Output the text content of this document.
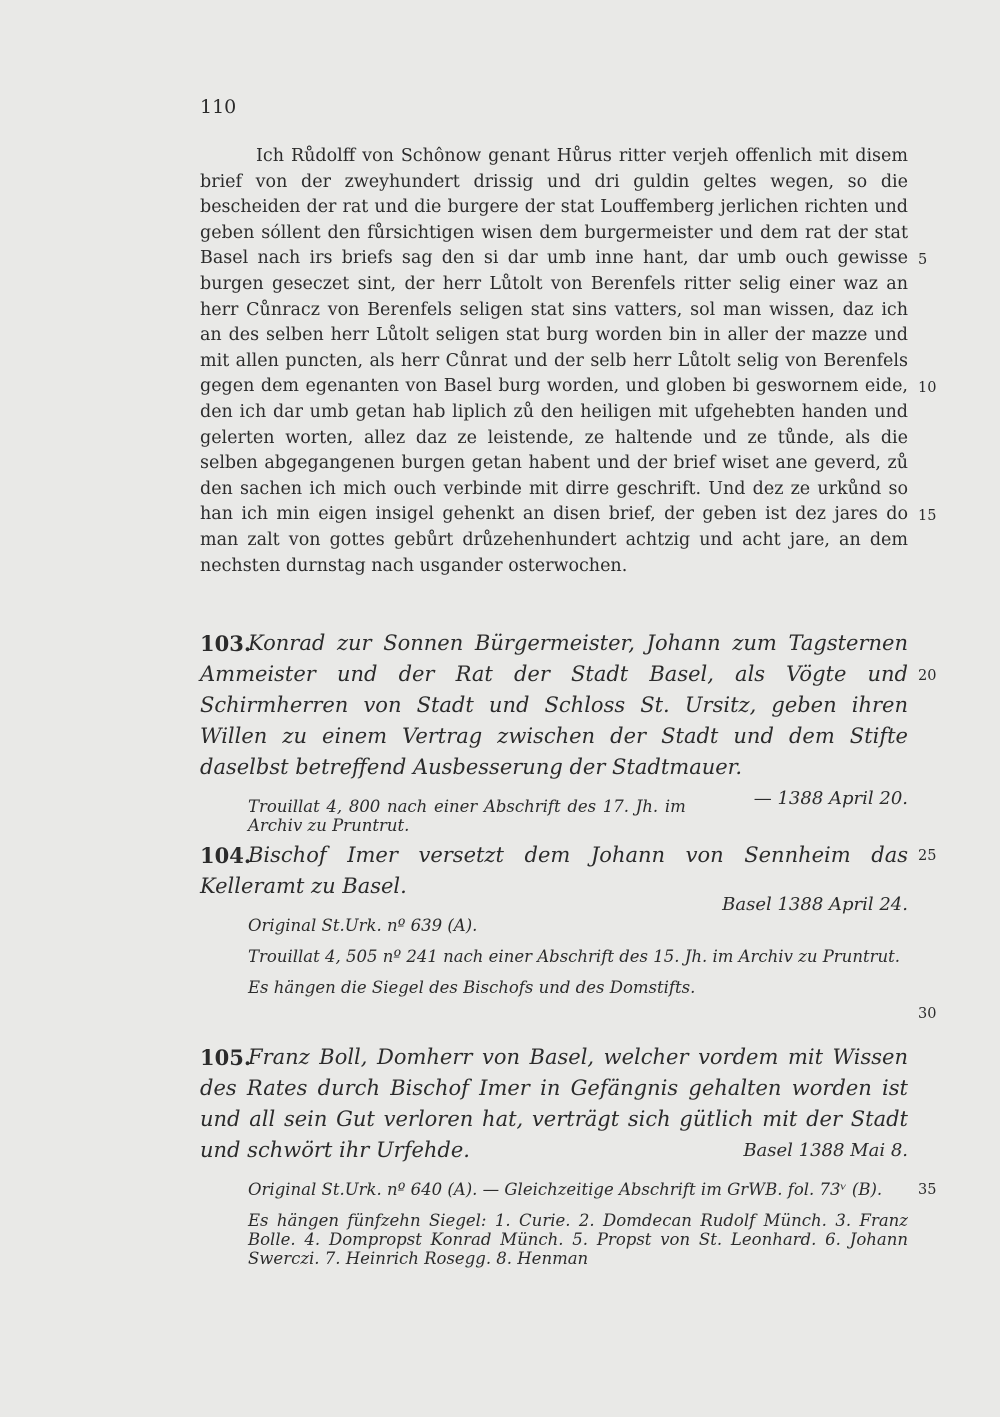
110

Ich Růdolff von Schônow genant Hůrus ritter verjeh offenlich mit disem brief von der zweyhundert drissig und dri guldin geltes wegen, so die bescheiden der rat und die burgere der stat Louffemberg jerlichen richten und geben sóllent den fůrsichtigen wisen dem burgermeister und dem rat der stat Basel nach irs briefs sag den si dar umb inne hant, dar umb ouch gewisse burgen geseczet sint, der herr Lůtolt von Berenfels ritter selig einer waz an herr Cůnracz von Berenfels seligen stat sins vatters, sol man wissen, daz ich an des selben herr Lůtolt seligen stat burg worden bin in aller der mazze und mit allen puncten, als herr Cůnrat und der selb herr Lůtolt selig von Berenfels gegen dem egenanten von Basel burg worden, und globen bi geswornem eide, den ich dar umb getan hab liplich zů den heiligen mit ufgehebten handen und gelerten worten, allez daz ze leistende, ze haltende und ze tůnde, als die selben abgegangenen burgen getan habent und der brief wiset ane geverd, zů den sachen ich mich ouch verbinde mit dirre geschrift. Und dez ze urkůnd so han ich min eigen insigel gehenkt an disen brief, der geben ist dez jares do man zalt von gottes gebůrt drůzehenhundert achtzig und acht jare, an dem nechsten durnstag nach usgander osterwochen.

103.
Konrad zur Sonnen Bürgermeister, Johann zum Tagsternen Ammeister und der Rat der Stadt Basel, als Vögte und Schirmherren von Stadt und Schloss St. Ursitz, geben ihren Willen zu einem Vertrag zwischen der Stadt und dem Stifte daselbst betreffend Ausbesserung der Stadtmauer.
— 1388 April 20.

Trouillat 4, 800 nach einer Abschrift des 17. Jh. im Archiv zu Pruntrut.

104.
Bischof Imer versetzt dem Johann von Sennheim das Kelleramt zu Basel.
Basel 1388 April 24.

Original St.Urk. nº 639 (A).

Trouillat 4, 505 nº 241 nach einer Abschrift des 15. Jh. im Archiv zu Pruntrut.

Es hängen die Siegel des Bischofs und des Domstifts.

105.
Franz Boll, Domherr von Basel, welcher vordem mit Wissen des Rates durch Bischof Imer in Gefängnis gehalten worden ist und all sein Gut verloren hat, verträgt sich gütlich mit der Stadt und schwört ihr Urfehde.	Basel 1388 Mai 8.

Original St.Urk. nº 640 (A). — Gleichzeitige Abschrift im GrWB. fol. 73ᵛ (B).

Es hängen fünfzehn Siegel: 1. Curie. 2. Domdecan Rudolf Münch. 3. Franz Bolle. 4. Dompropst Konrad Münch. 5. Propst von St. Leonhard. 6. Johann Swerczi. 7. Heinrich Rosegg. 8. Henman

5
10
15
20
25
30
35
